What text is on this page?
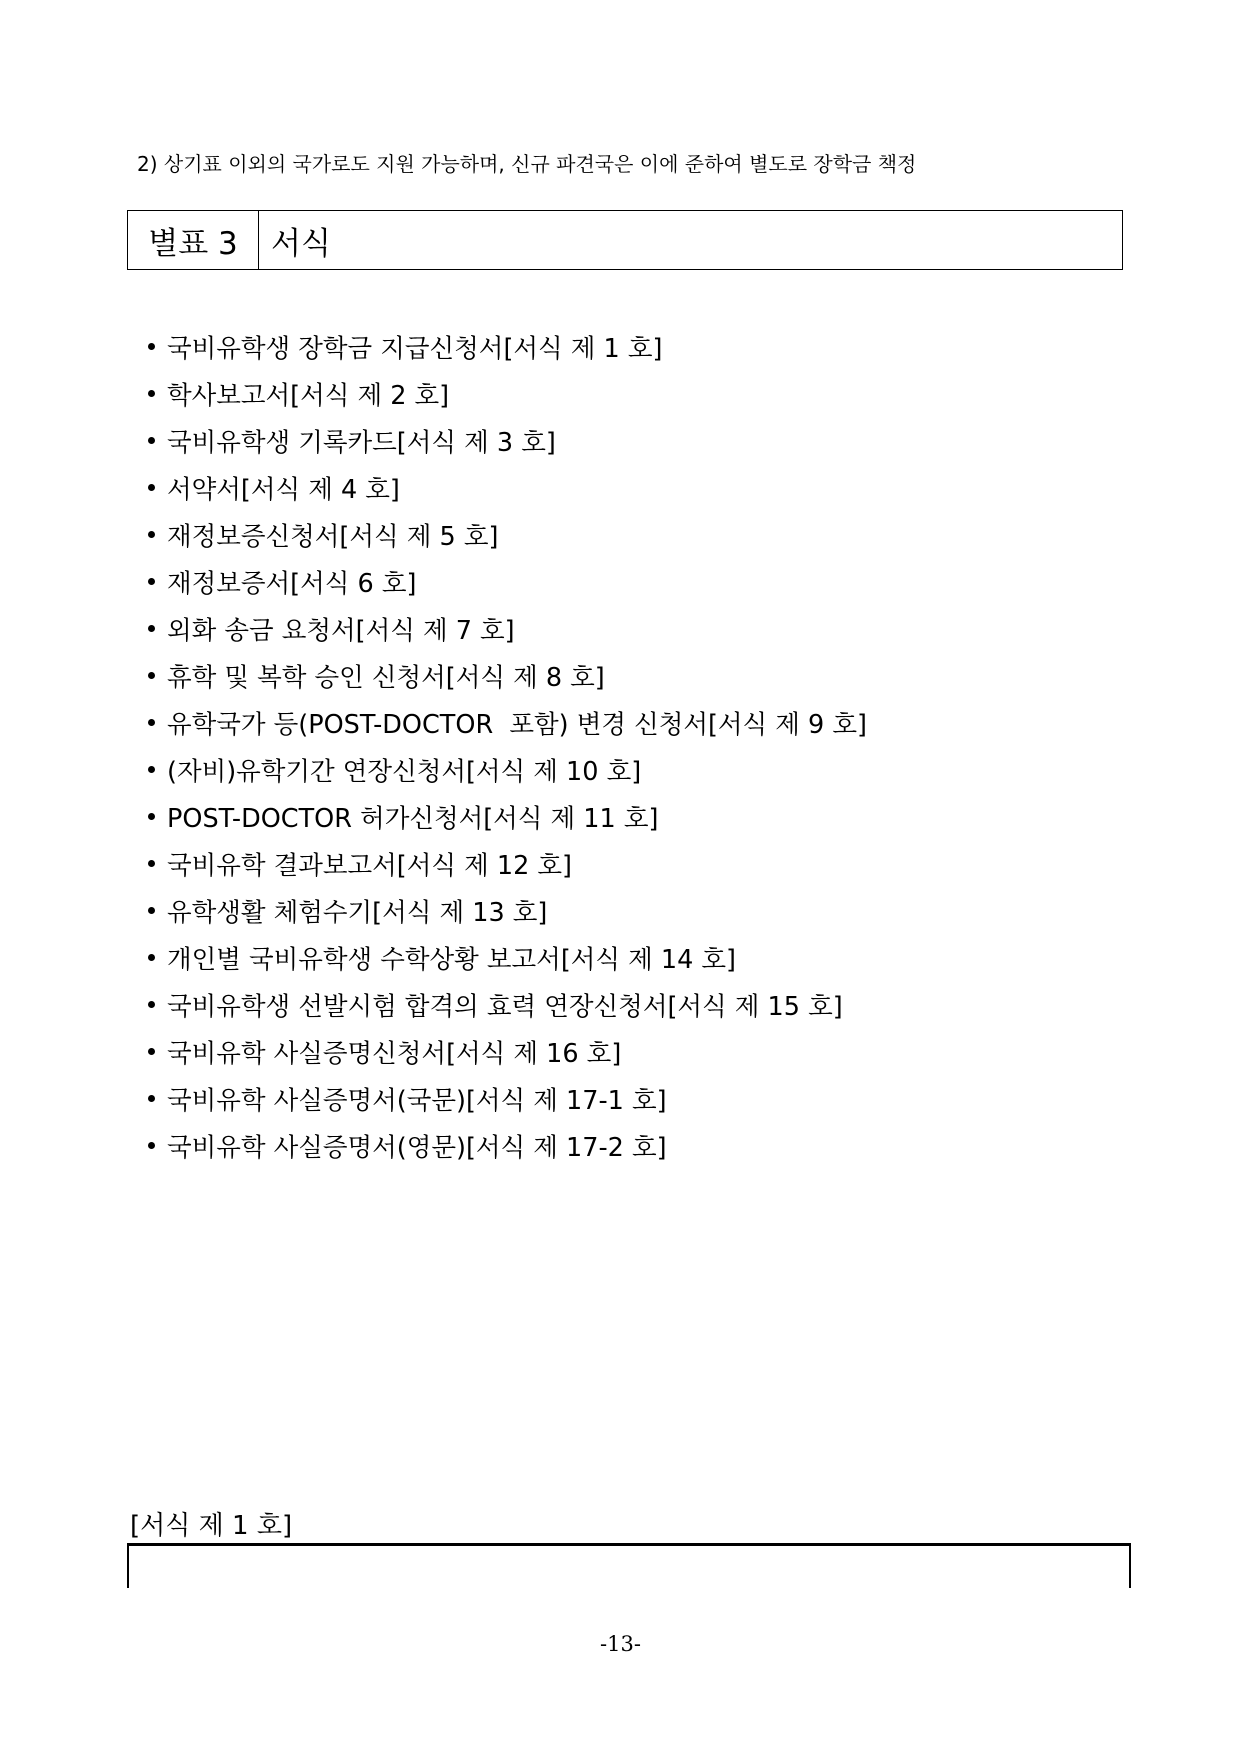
2) 상기표 이외의 국가로도 지원 가능하며, 신규 파견국은 이에 준하여 별도로 장학금 책정
별표 3	서식
국비유학생 장학금 지급신청서[서식 제 1 호]
학사보고서[서식 제 2 호]
국비유학생 기록카드[서식 제 3 호]
서약서[서식 제 4 호]
재정보증신청서[서식 제 5 호]
재정보증서[서식 6 호]
외화 송금 요청서[서식 제 7 호]
휴학 및 복학 승인 신청서[서식 제 8 호]
유학국가 등(POST-DOCTOR  포함) 변경 신청서[서식 제 9 호]
(자비)유학기간 연장신청서[서식 제 10 호]
POST-DOCTOR 허가신청서[서식 제 11 호]
국비유학 결과보고서[서식 제 12 호]
유학생활 체험수기[서식 제 13 호]
개인별 국비유학생 수학상황 보고서[서식 제 14 호]
국비유학생 선발시험 합격의 효력 연장신청서[서식 제 15 호]
국비유학 사실증명신청서[서식 제 16 호]
국비유학 사실증명서(국문)[서식 제 17-1 호]
국비유학 사실증명서(영문)[서식 제 17-2 호]
[서식 제 1 호]
-13-
